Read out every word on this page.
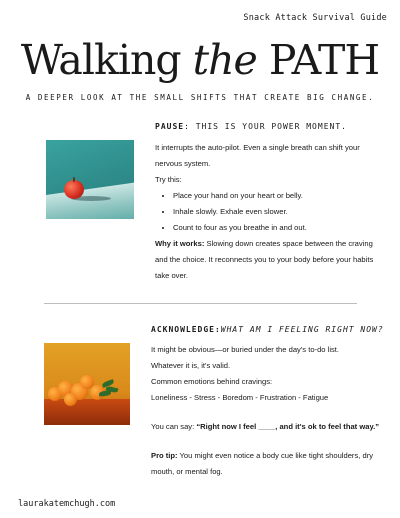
Snack Attack Survival Guide
Walking the PATH
A DEEPER LOOK AT THE SMALL SHIFTS THAT CREATE BIG CHANGE.
PAUSE: THIS IS YOUR POWER MOMENT.

It interrupts the auto-pilot. Even a single breath can shift your nervous system.

Try this:

• Place your hand on your heart or belly.
• Inhale slowly. Exhale even slower.
• Count to four as you breathe in and out.

Why it works: Slowing down creates space between the craving and the choice. It reconnects you to your body before your habits take over.

ACKNOWLEDGE:WHAT AM I FEELING RIGHT NOW?

It might be obvious—or buried under the day's to-do list.

Whatever it is, it's valid.

Common emotions behind cravings:

Loneliness - Stress - Boredom - Frustration - Fatigue

You can say: “Right now I feel ____, and it's ok to feel that way.”

Pro tip: You might even notice a body cue like tight shoulders, dry mouth, or mental fog.

laurakatemchugh.com
